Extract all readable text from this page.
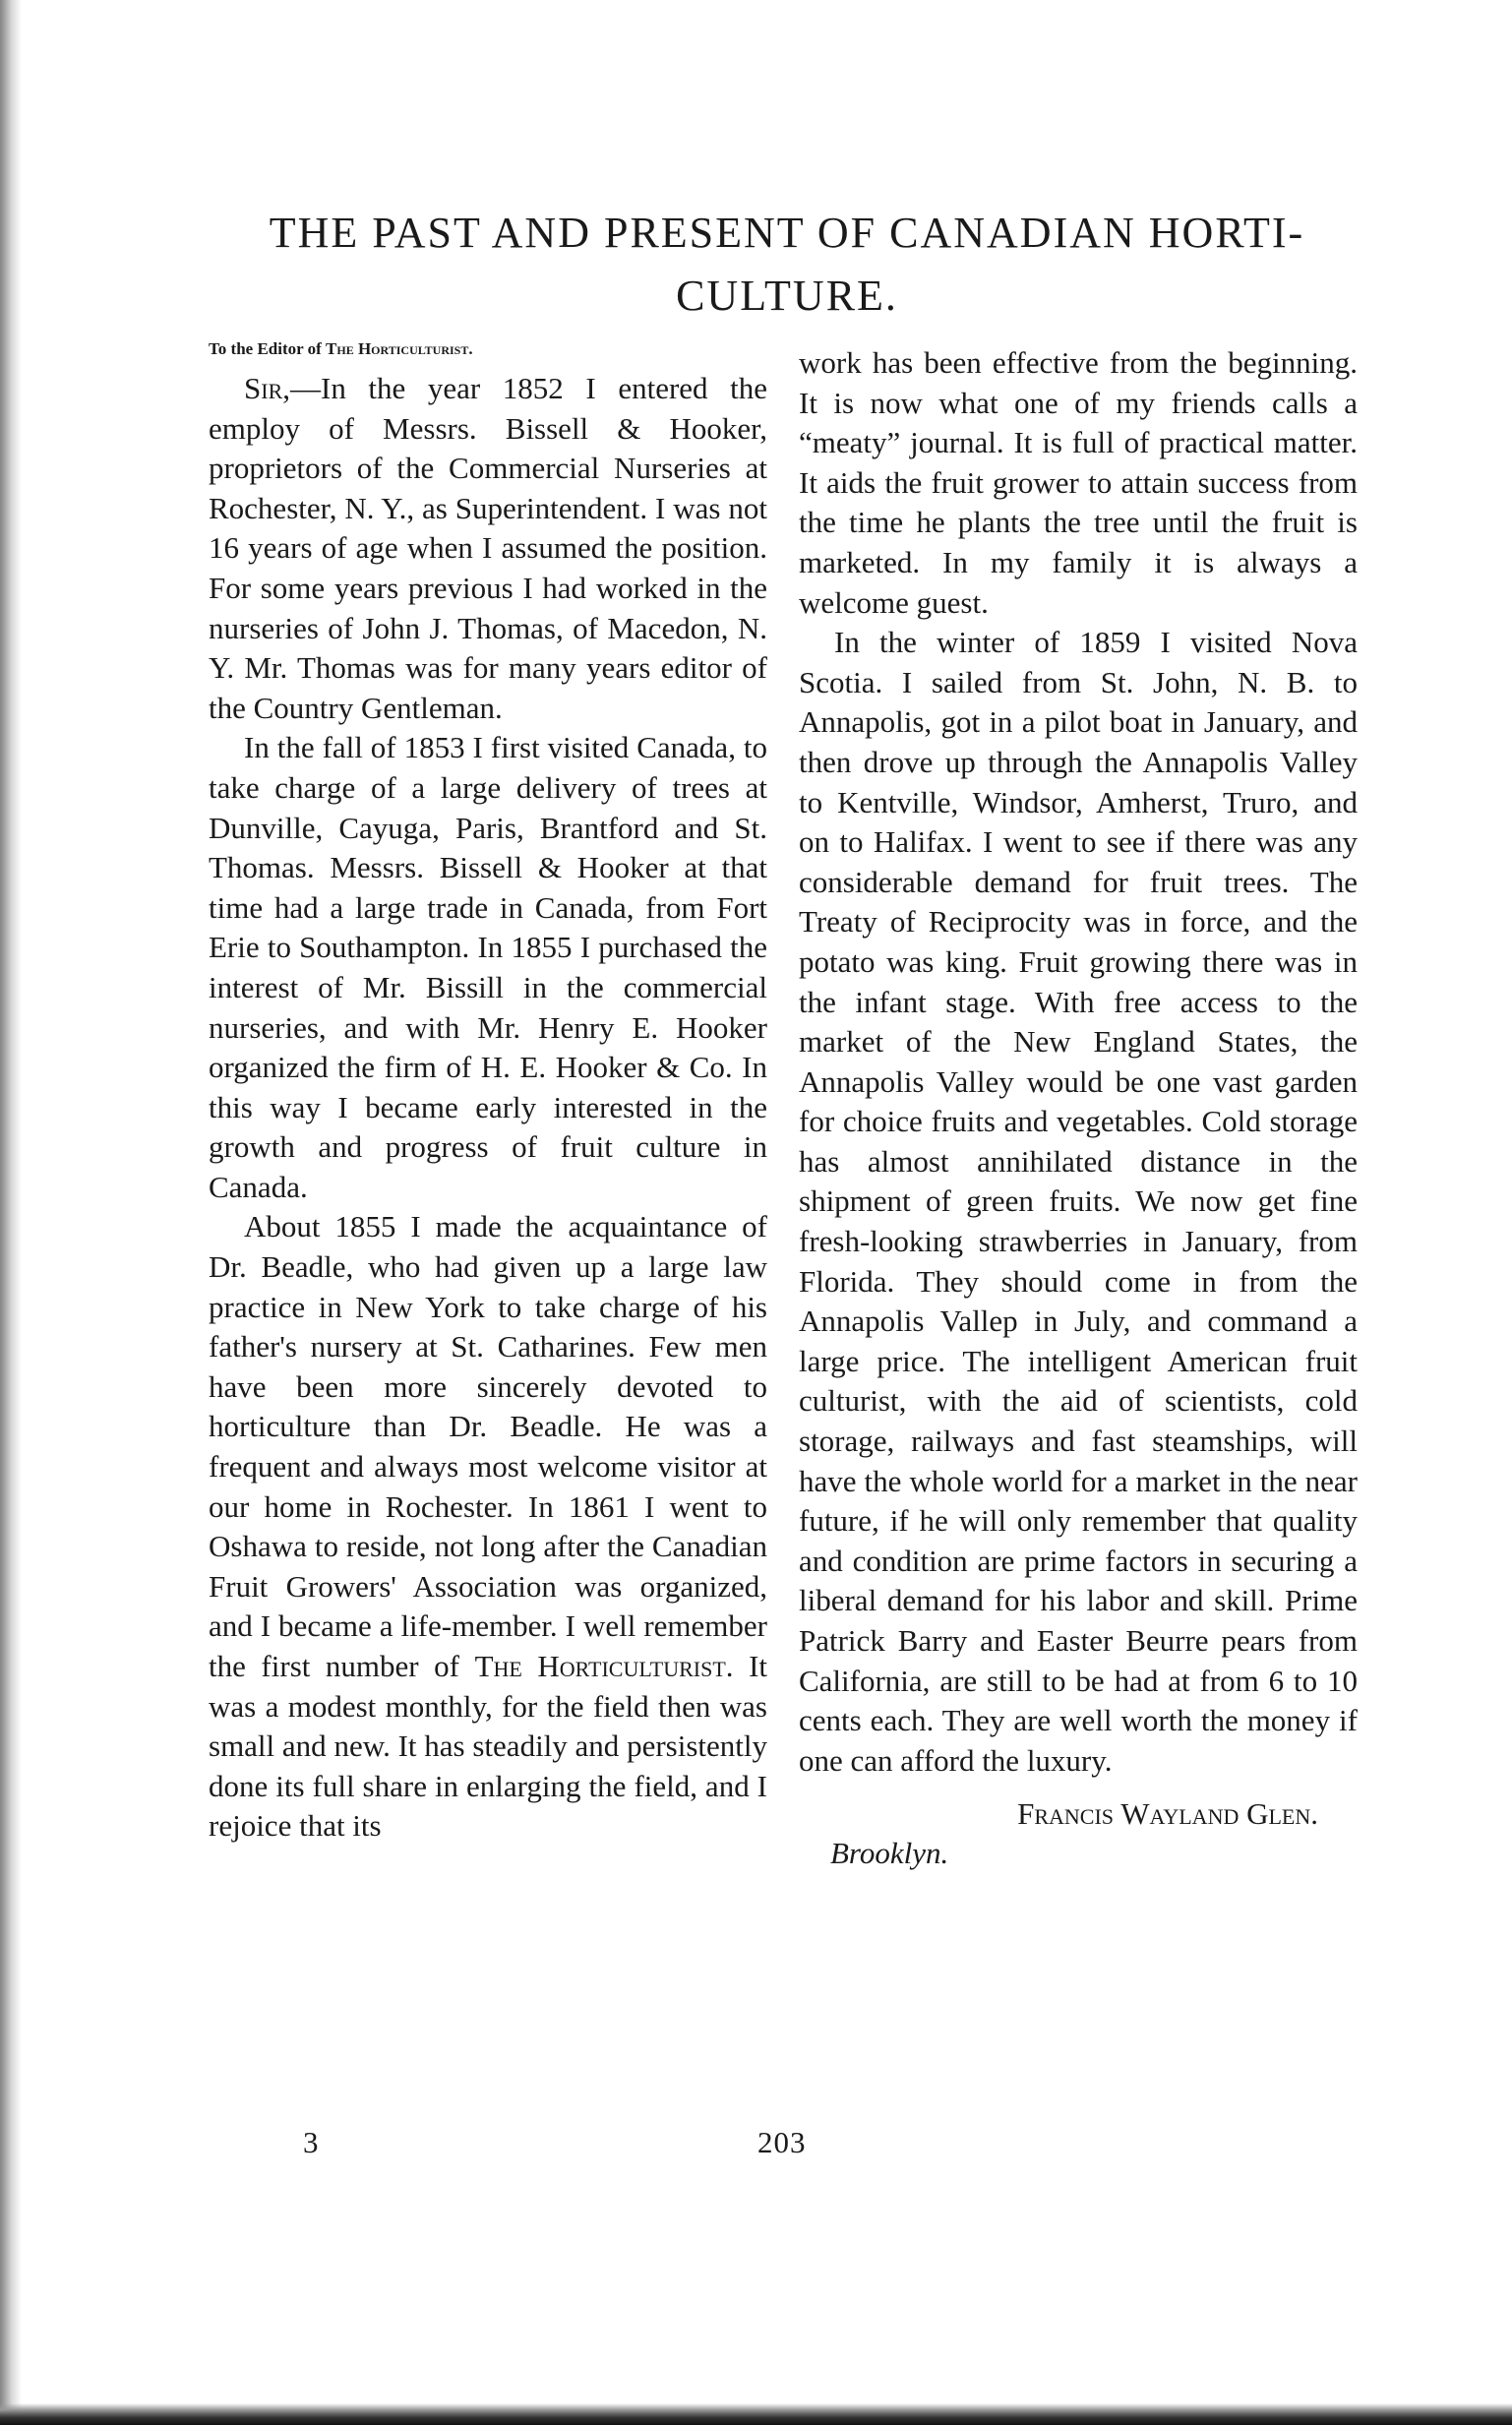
THE PAST AND PRESENT OF CANADIAN HORTI-
CULTURE.

To the Editor of The Horticulturist.

Sir,—In the year 1852 I entered the employ of Messrs. Bissell & Hooker, proprietors of the Commercial Nurseries at Rochester, N. Y., as Superintendent. I was not 16 years of age when I assumed the position. For some years previous I had worked in the nurseries of John J. Thomas, of Macedon, N. Y. Mr. Thomas was for many years editor of the Country Gentleman.

In the fall of 1853 I first visited Canada, to take charge of a large delivery of trees at Dunville, Cayuga, Paris, Brantford and St. Thomas. Messrs. Bissell & Hooker at that time had a large trade in Canada, from Fort Erie to Southampton. In 1855 I purchased the interest of Mr. Bissill in the commercial nurseries, and with Mr. Henry E. Hooker organized the firm of H. E. Hooker & Co. In this way I became early interested in the growth and progress of fruit culture in Canada.

About 1855 I made the acquaintance of Dr. Beadle, who had given up a large law practice in New York to take charge of his father's nursery at St. Catharines. Few men have been more sincerely devoted to horticulture than Dr. Beadle. He was a frequent and always most welcome visitor at our home in Rochester. In 1861 I went to Oshawa to reside, not long after the Canadian Fruit Growers' Association was organized, and I became a life-member. I well remember the first number of The Horticulturist. It was a modest monthly, for the field then was small and new. It has steadily and persistently done its full share in enlarging the field, and I rejoice that its

work has been effective from the beginning. It is now what one of my friends calls a “meaty” journal. It is full of practical matter. It aids the fruit grower to attain success from the time he plants the tree until the fruit is marketed. In my family it is always a welcome guest.

In the winter of 1859 I visited Nova Scotia. I sailed from St. John, N. B. to Annapolis, got in a pilot boat in January, and then drove up through the Annapolis Valley to Kentville, Windsor, Amherst, Truro, and on to Halifax. I went to see if there was any considerable demand for fruit trees. The Treaty of Reciprocity was in force, and the potato was king. Fruit growing there was in the infant stage. With free access to the market of the New England States, the Annapolis Valley would be one vast garden for choice fruits and vegetables. Cold storage has almost annihilated distance in the shipment of green fruits. We now get fine fresh-looking strawberries in January, from Florida. They should come in from the Annapolis Vallep in July, and command a large price. The intelligent American fruit culturist, with the aid of scientists, cold storage, railways and fast steamships, will have the whole world for a market in the near future, if he will only remember that quality and condition are prime factors in securing a liberal demand for his labor and skill. Prime Patrick Barry and Easter Beurre pears from California, are still to be had at from 6 to 10 cents each. They are well worth the money if one can afford the luxury.

Francis Wayland Glen.

Brooklyn.

3	203
